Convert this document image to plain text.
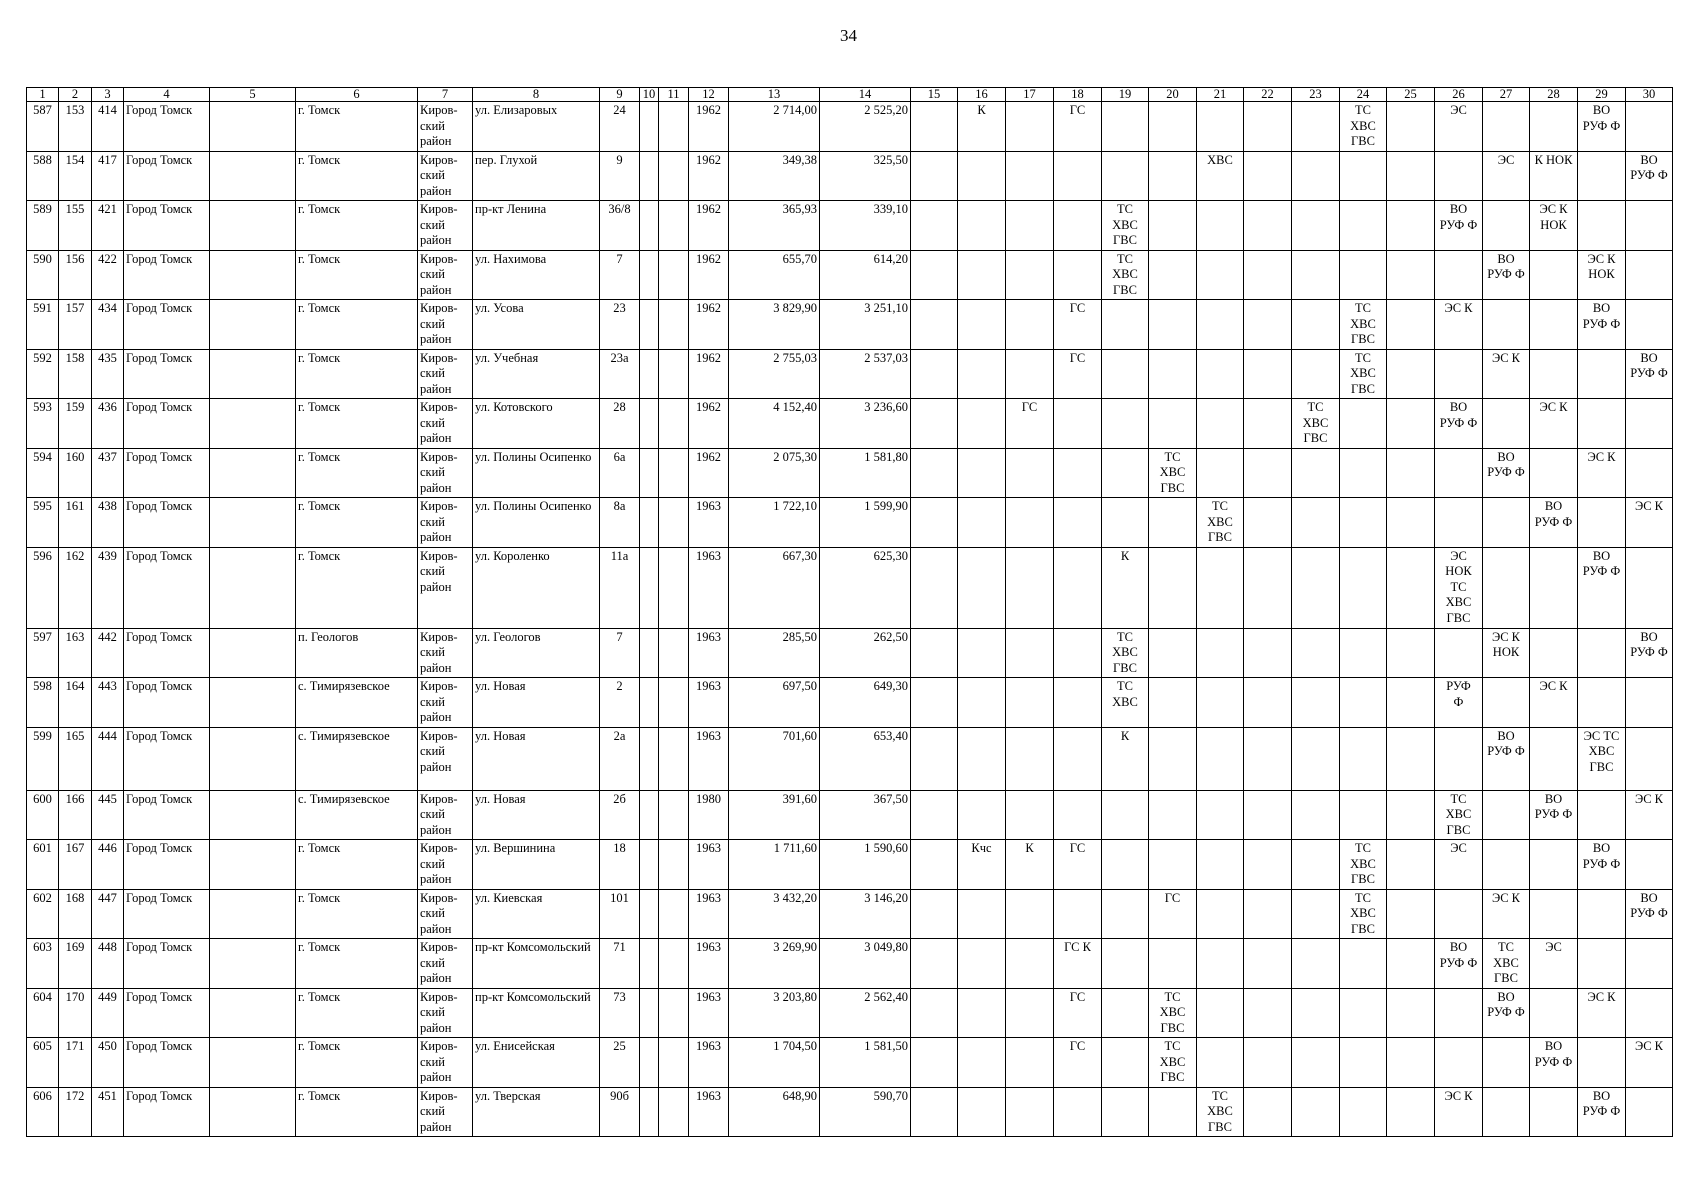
34
1	2	3	4	5	6	7	8	9	10	11	12	13	14	15	16	17	18	19	20	21	22	23	24	25	26	27	28	29	30
587	153	414	Город Томск		г. Томск	Киров-
ский
район	ул. Елизаровых	24			1962	2 714,00	2 525,20		К		ГС						ТС
ХВС
ГВС		ЭС			ВО
РУФ Ф	
588	154	417	Город Томск		г. Томск	Киров-
ский
район	пер. Глухой	9			1962	349,38	325,50							ХВС						ЭС	К НОК		ВО
РУФ Ф
589	155	421	Город Томск		г. Томск	Киров-
ский
район	пр-кт Ленина	36/8			1962	365,93	339,10					ТС
ХВС
ГВС							ВО
РУФ Ф		ЭС К
НОК		
590	156	422	Город Томск		г. Томск	Киров-
ский
район	ул. Нахимова	7			1962	655,70	614,20					ТС
ХВС
ГВС								ВО
РУФ Ф		ЭС К
НОК	
591	157	434	Город Томск		г. Томск	Киров-
ский
район	ул. Усова	23			1962	3 829,90	3 251,10				ГС						ТС
ХВС
ГВС		ЭС К			ВО
РУФ Ф	
592	158	435	Город Томск		г. Томск	Киров-
ский
район	ул. Учебная	23а			1962	2 755,03	2 537,03				ГС						ТС
ХВС
ГВС			ЭС К			ВО
РУФ Ф
593	159	436	Город Томск		г. Томск	Киров-
ский
район	ул. Котовского	28			1962	4 152,40	3 236,60			ГС						ТС
ХВС
ГВС			ВО
РУФ Ф		ЭС К		
594	160	437	Город Томск		г. Томск	Киров-
ский
район	ул. Полины Осипенко	6а			1962	2 075,30	1 581,80						ТС
ХВС
ГВС							ВО
РУФ Ф		ЭС К	
595	161	438	Город Томск		г. Томск	Киров-
ский
район	ул. Полины Осипенко	8а			1963	1 722,10	1 599,90							ТС
ХВС
ГВС							ВО
РУФ Ф		ЭС К
596	162	439	Город Томск		г. Томск	Киров-
ский
район	ул. Короленко	11а			1963	667,30	625,30					К							ЭС
НОК
ТС
ХВС
ГВС			ВО
РУФ Ф	
597	163	442	Город Томск		п. Геологов	Киров-
ский
район	ул. Геологов	7			1963	285,50	262,50					ТС
ХВС
ГВС								ЭС К
НОК			ВО
РУФ Ф
598	164	443	Город Томск		с. Тимирязевское	Киров-
ский
район	ул. Новая	2			1963	697,50	649,30					ТС
ХВС							РУФ
Ф		ЭС К		
599	165	444	Город Томск		с. Тимирязевское	Киров-
ский
район	ул. Новая	2а			1963	701,60	653,40					К								ВО
РУФ Ф		ЭС ТС
ХВС
ГВС	
600	166	445	Город Томск		с. Тимирязевское	Киров-
ский
район	ул. Новая	2б			1980	391,60	367,50												ТС
ХВС
ГВС		ВО
РУФ Ф		ЭС К
601	167	446	Город Томск		г. Томск	Киров-
ский
район	ул. Вершинина	18			1963	1 711,60	1 590,60		Кчс	К	ГС						ТС
ХВС
ГВС		ЭС			ВО
РУФ Ф	
602	168	447	Город Томск		г. Томск	Киров-
ский
район	ул. Киевская	101			1963	3 432,20	3 146,20						ГС				ТС
ХВС
ГВС			ЭС К			ВО
РУФ Ф
603	169	448	Город Томск		г. Томск	Киров-
ский
район	пр-кт Комсомольский	71			1963	3 269,90	3 049,80				ГС К								ВО
РУФ Ф	ТС
ХВС
ГВС	ЭС		
604	170	449	Город Томск		г. Томск	Киров-
ский
район	пр-кт Комсомольский	73			1963	3 203,80	2 562,40				ГС		ТС
ХВС
ГВС							ВО
РУФ Ф		ЭС К	
605	171	450	Город Томск		г. Томск	Киров-
ский
район	ул. Енисейская	25			1963	1 704,50	1 581,50				ГС		ТС
ХВС
ГВС								ВО
РУФ Ф		ЭС К
606	172	451	Город Томск		г. Томск	Киров-
ский
район	ул. Тверская	90б			1963	648,90	590,70							ТС
ХВС
ГВС					ЭС К			ВО
РУФ Ф	
